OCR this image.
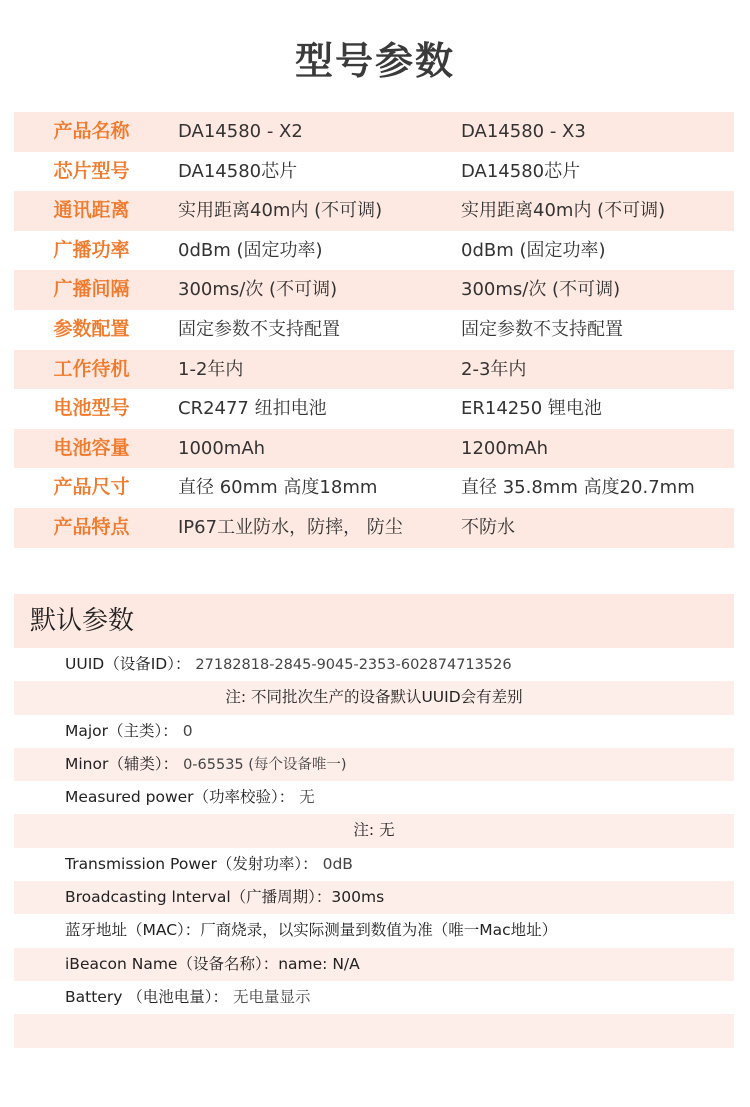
型号参数
产品名称	DA14580 - X2	DA14580 - X3
芯片型号	DA14580芯片	DA14580芯片
通讯距离	实用距离40m内 (不可调)	实用距离40m内 (不可调)
广播功率	0dBm (固定功率)	0dBm (固定功率)
广播间隔	300ms/次 (不可调)	300ms/次 (不可调)
参数配置	固定参数不支持配置	固定参数不支持配置
工作待机	1-2年内	2-3年内
电池型号	CR2477 纽扣电池	ER14250 锂电池
电池容量	1000mAh	1200mAh
产品尺寸	直径 60mm 高度18mm	直径 35.8mm 高度20.7mm
产品特点	IP67工业防水，防摔， 防尘	不防水
默认参数
UUID（设备ID）： 27182818-2845-9045-2353-602874713526
注: 不同批次生产的设备默认UUID会有差别
Major（主类）： 0
Minor（辅类）： 0-65535 (每个设备唯一)
Measured power（功率校验）： 无
注: 无
Transmission Power（发射功率）： 0dB
Broadcasting lnterval（广播周期）：300ms
蓝牙地址（MAC）：厂商烧录，以实际测量到数值为准（唯一Mac地址）
iBeacon Name（设备名称）：name: N/A
Battery （电池电量）： 无电量显示
